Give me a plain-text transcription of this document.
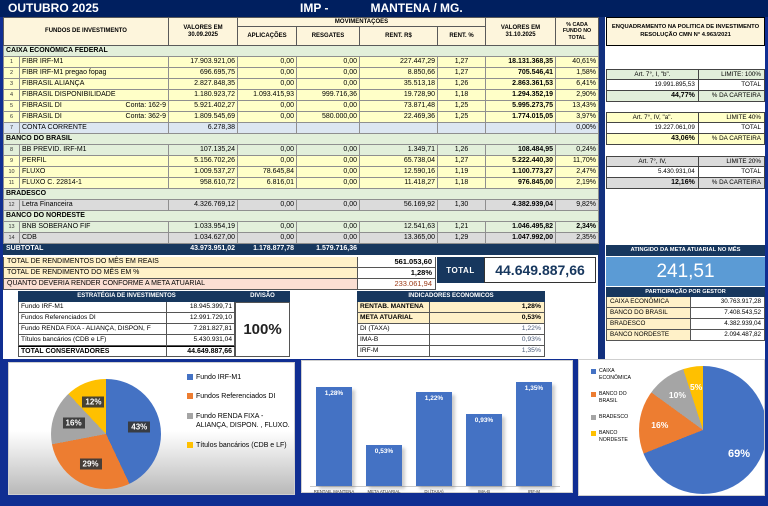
OUTUBRO 2025	IMP -	MANTENA / MG.
FUNDOS DE INVESTIMENTO		VALORES EM 30.09.2025	MOVIMENTAÇÕES				VALORES EM 31.10.2025	% CADA FUNDO NO TOTAL
			APLICAÇÕES	RESGATES	RENT. R$	RENT. %		
CAIXA ECONÔMICA FEDERAL								
1	FIBR IRF-M1	17.903.921,06	0,00	0,00	227.447,29	1,27	18.131.368,35	40,61%
2	FIBR IRF-M1 pregao fopag	696.695,75	0,00	0,00	8.850,66	1,27	705.546,41	1,58%
3	FIBRASIL ALIANÇA	2.827.848,35	0,00	0,00	35.513,18	1,26	2.863.361,53	6,41%
4	FIBRASIL DISPONIBILIDADE	1.180.923,72	1.093.415,93	999.716,36	19.728,90	1,18	1.294.352,19	2,90%
5	FIBRASIL DI Conta: 162-9	5.921.402,27	0,00	0,00	73.871,48	1,25	5.995.273,75	13,43%
6	FIBRASIL DI Conta: 362-9	1.809.545,69	0,00	580.000,00	22.469,36	1,25	1.774.015,05	3,97%
7	CONTA CORRENTE	6.278,38						0,00%
BANCO DO BRASIL								
8	BB PREVID. IRF-M1	107.135,24	0,00	0,00	1.349,71	1,26	108.484,95	0,24%
9	PERFIL	5.156.702,26	0,00	0,00	65.738,04	1,27	5.222.440,30	11,70%
10	FLUXO	1.009.537,27	78.645,84	0,00	12.590,16	1,19	1.100.773,27	2,47%
11	FLUXO C. 22814-1	958.610,72	6.816,01	0,00	11.418,27	1,18	976.845,00	2,19%
BRADESCO								
12	Letra Financeira	4.326.769,12	0,00	0,00	56.169,92	1,30	4.382.939,04	9,82%
BANCO DO NORDESTE								
13	BNB SOBERANO FIF	1.033.954,19	0,00	0,00	12.541,63	1,21	1.046.495,82	2,34%
14	CDB	1.034.627,00	0,00	0,00	13.365,00	1,29	1.047.992,00	2,35%
SUBTOTAL		43.973.951,02	1.178.877,78	1.579.716,36				
ENQUADRAMENTO NA POLITICA DE INVESTIMENTO RESOLUÇÃO CMN N° 4.963/2021
Art. 7°, I, "b".	LIMITE: 100%
19.991.895,53	TOTAL
44,77%	% DA CARTEIRA
Art. 7°, IV, "a".	LIMITE 40%
19.227.061,09	TOTAL
43,06%	% DA CARTEIRA
Art. 7°, IV,	LIMITE 20%
5.430.931,04	TOTAL
12,16%	% DA CARTEIRA
TOTAL DE RENDIMENTOS DO MÊS EM REAIS	561.053,60
TOTAL DE RENDIMENTO DO MÊS EM %	1,28%
QUANTO DEVERIA RENDER CONFORME A META ATUARIAL	233.061,94
TOTAL	44.649.887,66
ATINGIDO DA META ATUARIAL NO MÊS
241,51
PARTICIPAÇÃO POR GESTOR
CAIXA ECONÔMICA	30.763.917,28
BANCO DO BRASIL	7.408.543,52
BRADESCO	4.382.939,04
BANCO NORDESTE	2.094.487,82
ESTRATÉGIA DE INVESTIMENTOS	DIVISÃO
Fundo IRF-M1	18.945.399,71
Fundos Referenciados DI	12.991.729,10
Fundo RENDA FIXA - ALIANÇA, DISPON, F	7.281.827,81
Títulos bancários (CDB e LF)	5.430.931,04
TOTAL CONSERVADORES	44.649.887,66
100%
INDICADORES ECONOMICOS
RENTAB. MANTENA	1,28%
META ATUARIAL	0,53%
DI (TAXA)	1,22%
IMA-B	0,93%
IRF-M	1,35%
43%
29%
16%
12%
Fundo IRF-M1
Fundos Referenciados DI
Fundo RENDA FIXA - ALIANÇA, DISPON. , FLUXO.
Títulos bancários (CDB e LF)
1,28%
RENTAB. MANTENA
0,53%
META ATUARIAL
1,22%
DI (TAXA)
0,93%
IMA-B
1,35%
IRF-M
69%
16%
10%
5%
CAIXA ECONÔMICA
BANCO DO BRASIL
BRADESCO
BANCO NORDESTE
